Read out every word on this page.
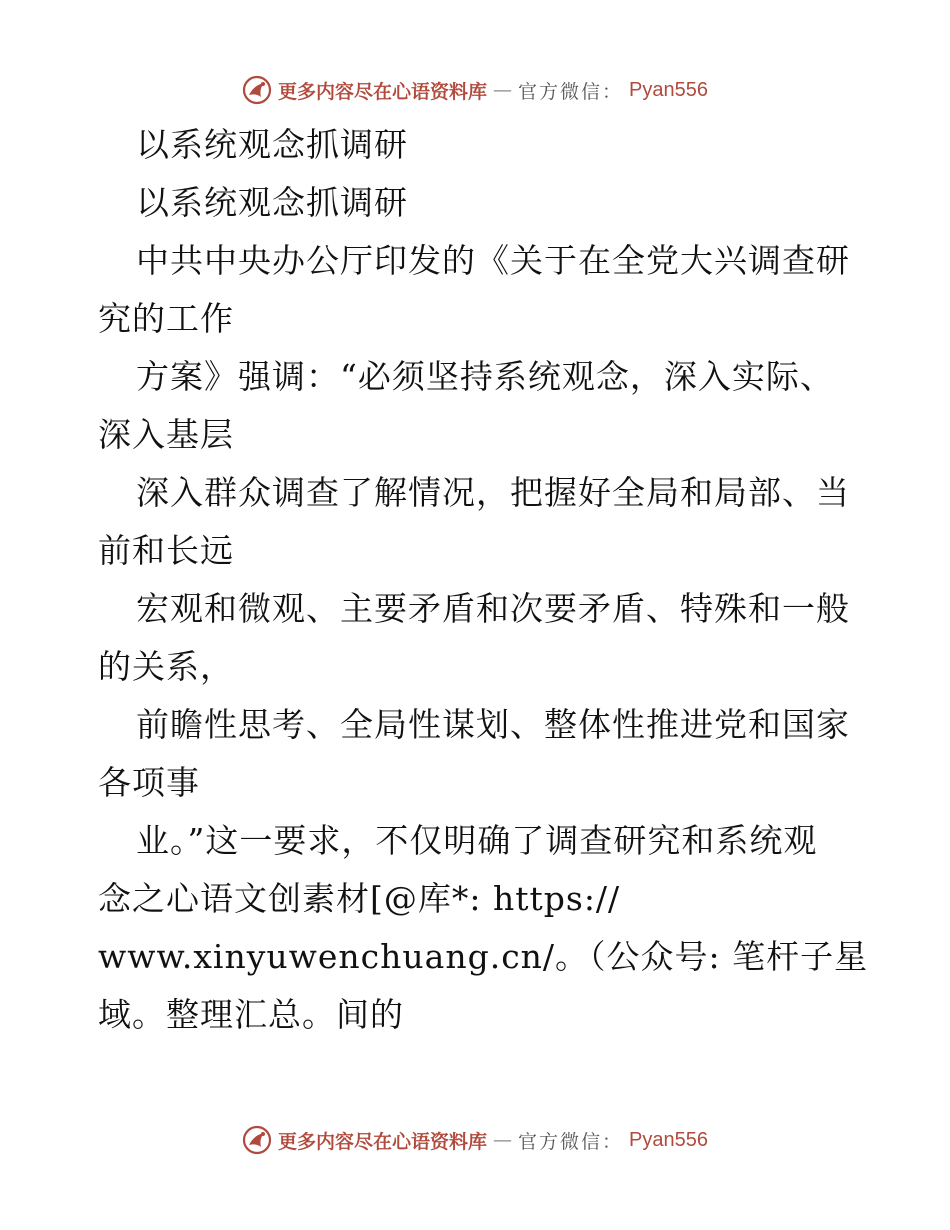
更多内容尽在心语资料库 — 官方微信： Pyan556
以系统观念抓调研
以系统观念抓调研
中共中央办公厅印发的《关于在全党大兴调查研
究的工作
方案》强调：“必须坚持系统观念，深入实际、
深入基层
深入群众调查了解情况，把握好全局和局部、当
前和长远
宏观和微观、主要矛盾和次要矛盾、特殊和一般
的关系，
前瞻性思考、全局性谋划、整体性推进党和国家
各项事
业。”这一要求，不仅明确了调查研究和系统观
念之心语文创素材[@库*: https://
www.xinyuwenchuang.cn/。（公众号: 笔杆子星
域。整理汇总。间的
更多内容尽在心语资料库 — 官方微信： Pyan556
